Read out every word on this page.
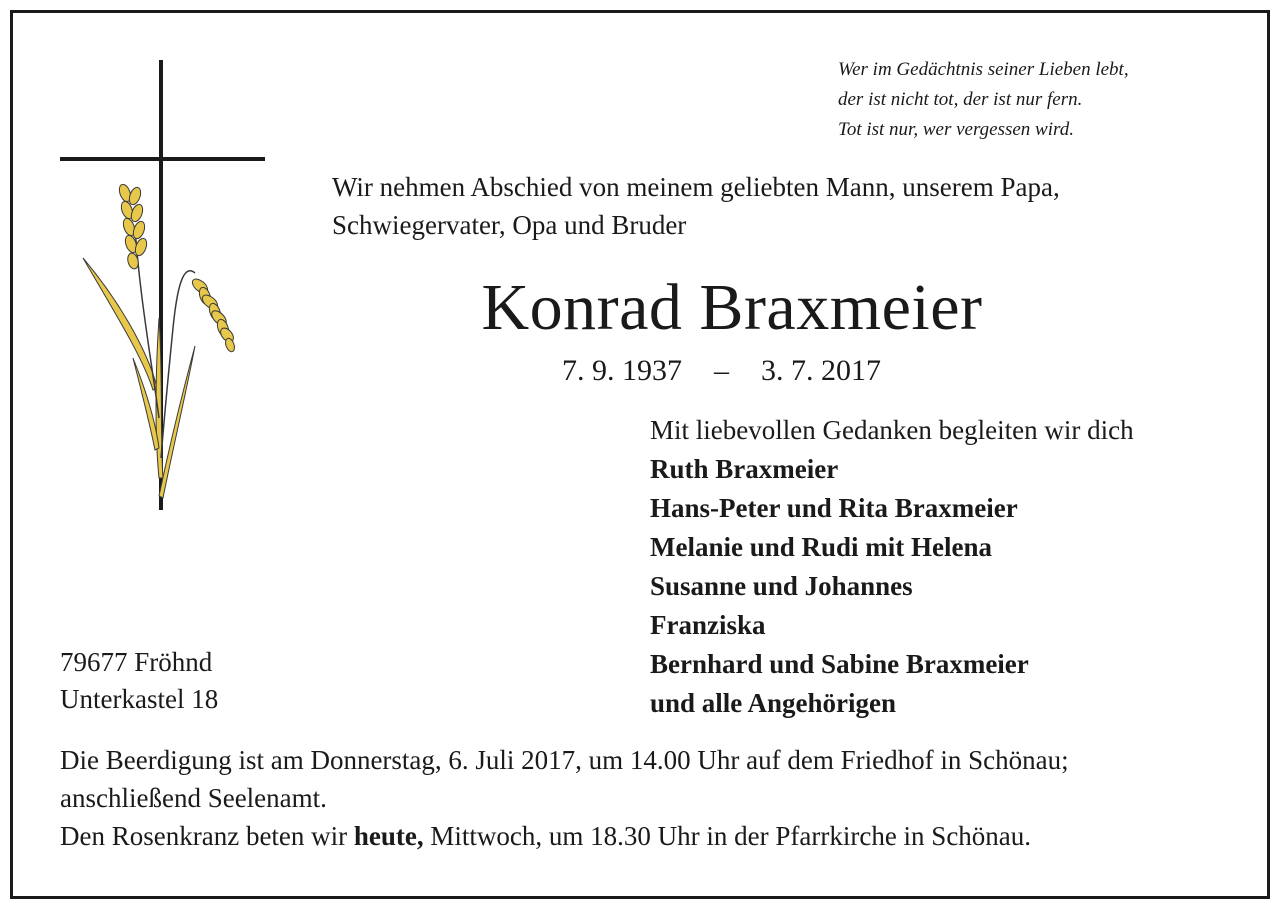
Wer im Gedächtnis seiner Lieben lebt,
der ist nicht tot, der ist nur fern.
Tot ist nur, wer vergessen wird.
Wir nehmen Abschied von meinem geliebten Mann, unserem Papa,
Schwiegervater, Opa und Bruder
Konrad Braxmeier
7. 9. 1937 – 3. 7. 2017
Mit liebevollen Gedanken begleiten wir dich
Ruth Braxmeier
Hans-Peter und Rita Braxmeier
Melanie und Rudi mit Helena
Susanne und Johannes
Franziska
Bernhard und Sabine Braxmeier
und alle Angehörigen
79677 Fröhnd
Unterkastel 18
Die Beerdigung ist am Donnerstag, 6. Juli 2017, um 14.00 Uhr auf dem Friedhof in Schönau;
anschließend Seelenamt.
Den Rosenkranz beten wir heute, Mittwoch, um 18.30 Uhr in der Pfarrkirche in Schönau.
